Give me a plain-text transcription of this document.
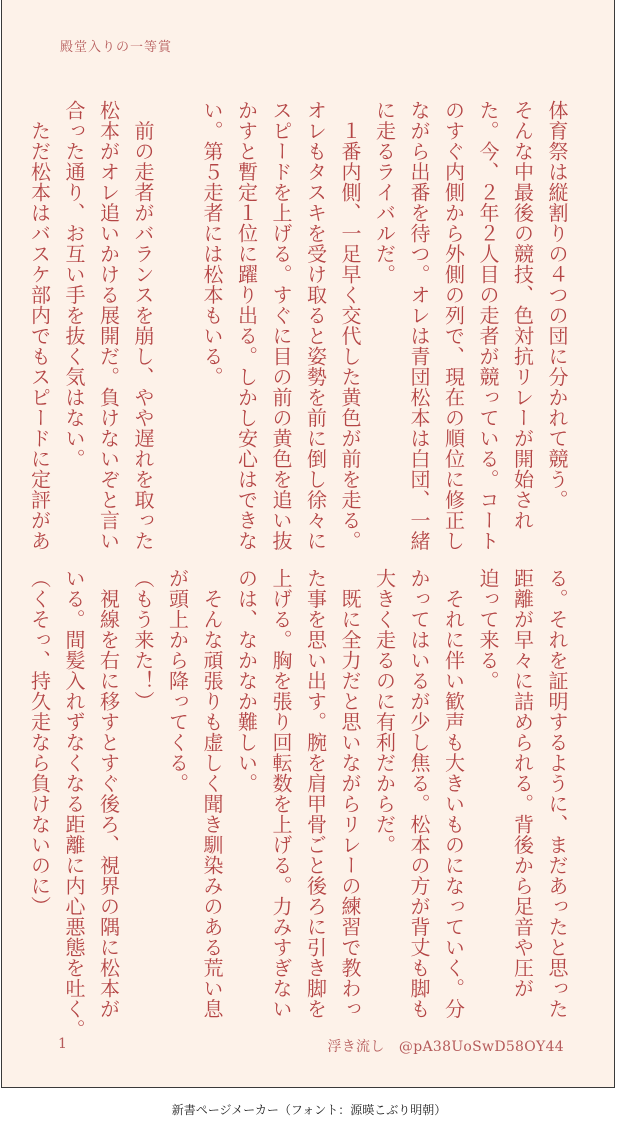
殿堂入りの一等賞
体育祭は縦割りの４つの団に分かれて競う。
そんな中最後の競技、色対抗リレーが開始され
た。今、２年２人目の走者が競っている。コート
のすぐ内側から外側の列で、現在の順位に修正し
ながら出番を待つ。オレは青団松本は白団、一緒
に走るライバルだ。
　１番内側、一足早く交代した黄色が前を走る。
オレもタスキを受け取ると姿勢を前に倒し徐々に
スピードを上げる。すぐに目の前の黄色を追い抜
かすと暫定１位に躍り出る。しかし安心はできな
い。第５走者には松本もいる。

　前の走者がバランスを崩し、やや遅れを取った
松本がオレ追いかける展開だ。負けないぞと言い
合った通り、お互い手を抜く気はない。
　ただ松本はバスケ部内でもスピードに定評があ
る。それを証明するように、まだあったと思った
距離が早々に詰められる。背後から足音や圧が
迫って来る。
　それに伴い歓声も大きいものになっていく。分
かってはいるが少し焦る。松本の方が背丈も脚も
大きく走るのに有利だからだ。
　既に全力だと思いながらリレーの練習で教わっ
た事を思い出す。腕を肩甲骨ごと後ろに引き脚を
上げる。胸を張り回転数を上げる。力みすぎない
のは、なかなか難しい。
　そんな頑張りも虚しく聞き馴染みのある荒い息
が頭上から降ってくる。
（もう来た！）
　視線を右に移すとすぐ後ろ、視界の隅に松本が
いる。間髪入れずなくなる距離に内心悪態を吐く。
（くそっ、持久走なら負けないのに）
1	浮き流し　@pA38UoSwD58OY44
新書ページメーカー（フォント：源暎こぶり明朝）
